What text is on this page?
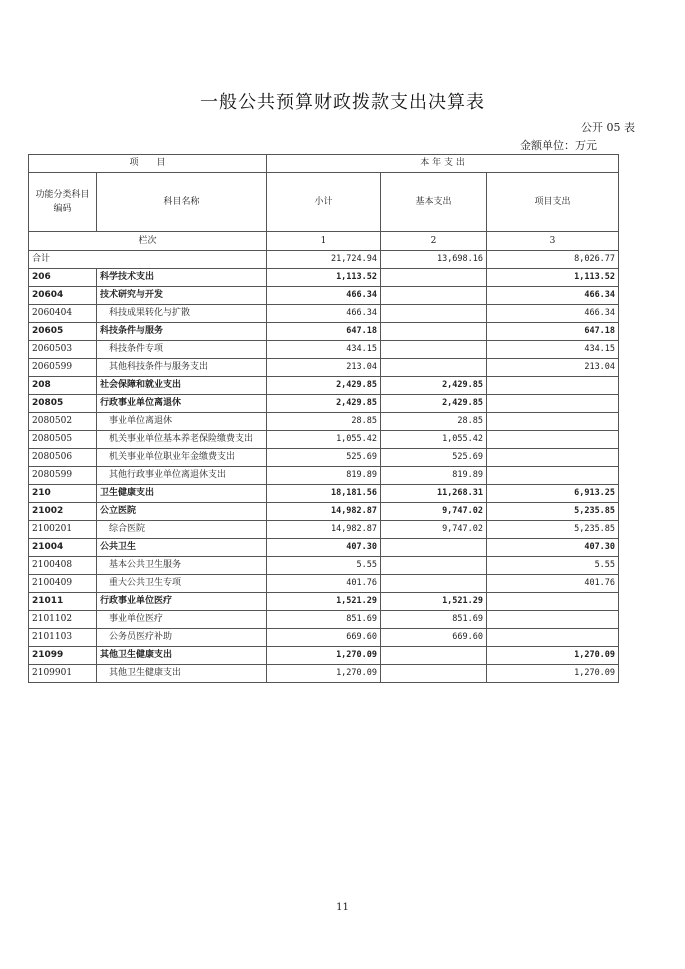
一般公共预算财政拨款支出决算表
公开 05 表
金额单位：万元
项　　目		本 年 支 出		
功能分类科目编码	科目名称	小计	基本支出	项目支出
栏次		1	2	3
合计		21,724.94	13,698.16	8,026.77
206	科学技术支出	1,113.52		1,113.52
20604	技术研究与开发	466.34		466.34
2060404	科技成果转化与扩散	466.34		466.34
20605	科技条件与服务	647.18		647.18
2060503	科技条件专项	434.15		434.15
2060599	其他科技条件与服务支出	213.04		213.04
208	社会保障和就业支出	2,429.85	2,429.85	
20805	行政事业单位离退休	2,429.85	2,429.85	
2080502	事业单位离退休	28.85	28.85	
2080505	机关事业单位基本养老保险缴费支出	1,055.42	1,055.42	
2080506	机关事业单位职业年金缴费支出	525.69	525.69	
2080599	其他行政事业单位离退休支出	819.89	819.89	
210	卫生健康支出	18,181.56	11,268.31	6,913.25
21002	公立医院	14,982.87	9,747.02	5,235.85
2100201	综合医院	14,982.87	9,747.02	5,235.85
21004	公共卫生	407.30		407.30
2100408	基本公共卫生服务	5.55		5.55
2100409	重大公共卫生专项	401.76		401.76
21011	行政事业单位医疗	1,521.29	1,521.29	
2101102	事业单位医疗	851.69	851.69	
2101103	公务员医疗补助	669.60	669.60	
21099	其他卫生健康支出	1,270.09		1,270.09
2109901	其他卫生健康支出	1,270.09		1,270.09
11
